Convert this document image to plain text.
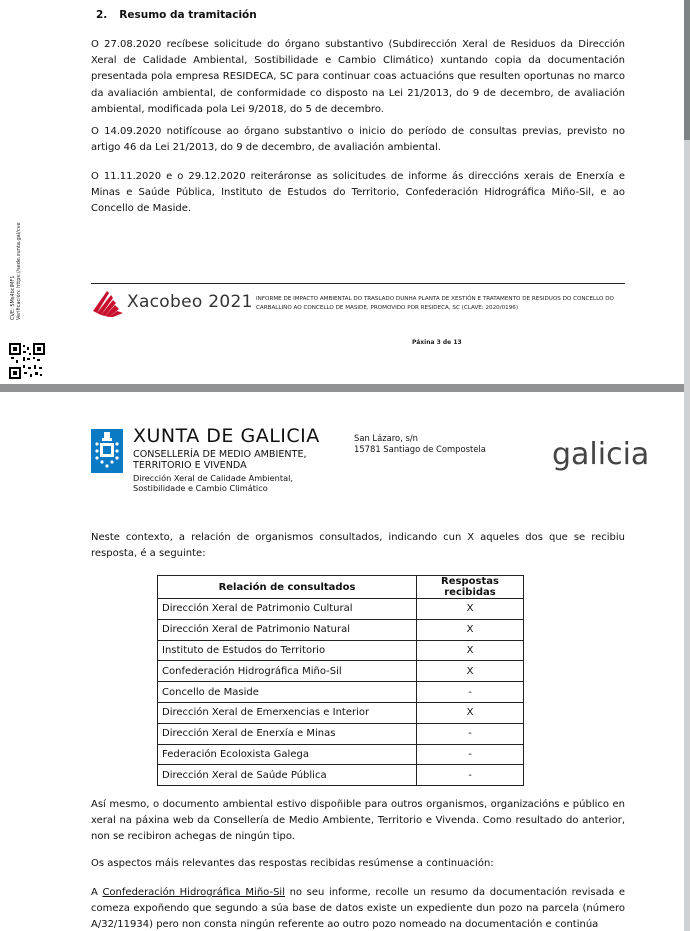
2. Resumo da tramitación

O 27.08.2020 recíbese solicitude do órgano substantivo (Subdirección Xeral de Residuos da Dirección Xeral de Calidade Ambiental, Sostibilidade e Cambio Climático) xuntando copia da documentación presentada pola empresa RESIDECA, SC para continuar coas actuacións que resulten oportunas no marco da avaliación ambiental, de conformidade co disposto na Lei 21/2013, do 9 de decembro, de avaliación ambiental, modificada pola Lei 9/2018, do 5 de decembro.

O 14.09.2020 notifícouse ao órgano substantivo o inicio do período de consultas previas, previsto no artigo 46 da Lei 21/2013, do 9 de decembro, de avaliación ambiental.

O 11.11.2020 e o 29.12.2020 reiteráronse as solicitudes de informe ás direccións xerais de Enerxía e Minas e Saúde Pública, Instituto de Estudos do Territorio, Confederación Hidrográfica Miño-Sil, e ao Concello de Maside.

CVE: 5Ms4bcIMF1 Verificación: https://sede.xunta.gal/cve	Xacobeo 2021 INFORME DE IMPACTO AMBIENTAL DO TRASLADO DUNHA PLANTA DE XESTIÓN E TRATAMENTO DE RESIDUOS DO CONCELLO DO CARBALLIÑO AO CONCELLO DE MASIDE, PROMOVIDO POR RESIDECA, SC (CLAVE: 2020/0196)
Páxina 3 de 13
XUNTA DE GALICIA
CONSELLERÍA DE MEDIO AMBIENTE,
TERRITORIO E VIVENDA
Dirección Xeral de Calidade Ambiental,
Sostibilidade e Cambio Climático
San Lázaro, s/n
15781 Santiago de Compostela galicia

Neste contexto, a relación de organismos consultados, indicando cun X aqueles dos que se recibiu resposta, é a seguinte:

Relación de consultados	Respostas recibidas
Dirección Xeral de Patrimonio Cultural	X
Dirección Xeral de Patrimonio Natural	X
Instituto de Estudos do Territorio	X
Confederación Hidrográfica Miño-Sil	X
Concello de Maside	-
Dirección Xeral de Emerxencias e Interior	X
Dirección Xeral de Enerxía e Minas	-
Federación Ecoloxista Galega	-
Dirección Xeral de Saúde Pública	-

Así mesmo, o documento ambiental estivo dispoñible para outros organismos, organizacións e público en xeral na páxina web da Consellería de Medio Ambiente, Territorio e Vivenda. Como resultado do anterior, non se recibiron achegas de ningún tipo.

Os aspectos máis relevantes das respostas recibidas resúmense a continuación:

A Confederación Hidrográfica Miño-Sil no seu informe, recolle un resumo da documentación revisada e comeza expoñendo que segundo a súa base de datos existe un expediente dun pozo na parcela (número A/32/11934) pero non consta ningún referente ao outro pozo nomeado na documentación e continúa
